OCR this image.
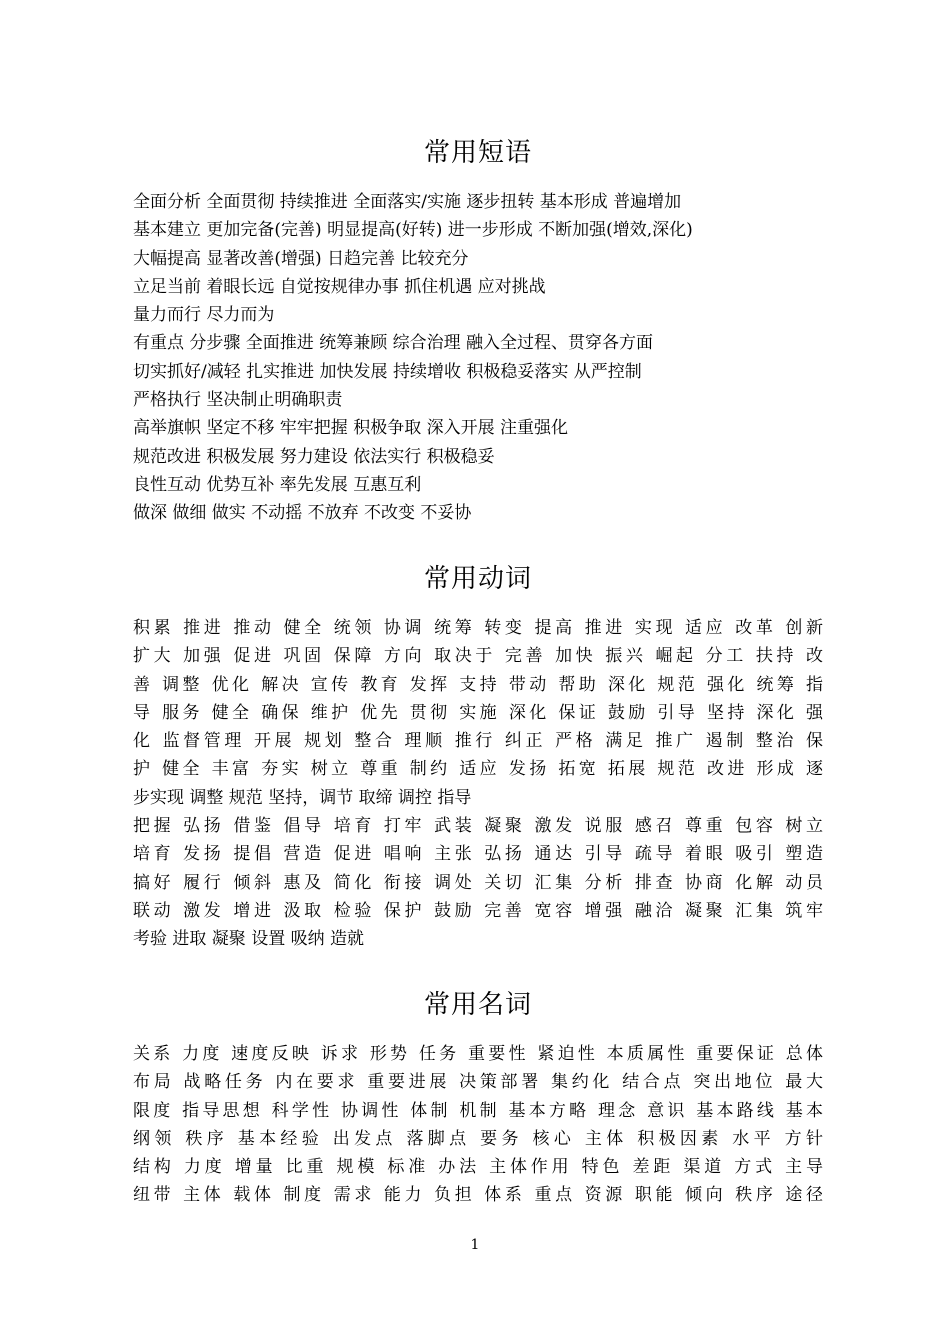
常用短语

全面分析 全面贯彻 持续推进 全面落实/实施 逐步扭转 基本形成 普遍增加

基本建立 更加完备(完善) 明显提高(好转) 进一步形成 不断加强(增效,深化)

大幅提高 显著改善(增强) 日趋完善 比较充分

立足当前 着眼长远 自觉按规律办事 抓住机遇 应对挑战

量力而行 尽力而为

有重点 分步骤 全面推进 统筹兼顾 综合治理 融入全过程、贯穿各方面

切实抓好/减轻 扎实推进 加快发展 持续增收 积极稳妥落实 从严控制

严格执行 坚决制止明确职责

高举旗帜 坚定不移 牢牢把握 积极争取 深入开展 注重强化

规范改进 积极发展 努力建设 依法实行 积极稳妥

良性互动 优势互补 率先发展 互惠互利

做深 做细 做实 不动摇 不放弃 不改变 不妥协

常用动词

积累 推进 推动 健全 统领 协调 统筹 转变 提高 推进 实现 适应 改革 创新

扩大 加强 促进 巩固 保障 方向 取决于 完善 加快 振兴 崛起 分工 扶持 改

善 调整 优化 解决 宣传 教育 发挥 支持 带动 帮助 深化 规范 强化 统筹 指

导 服务 健全 确保 维护 优先 贯彻 实施 深化 保证 鼓励 引导 坚持 深化 强

化 监督管理 开展 规划 整合 理顺 推行 纠正 严格 满足 推广 遏制 整治 保

护 健全 丰富 夯实 树立 尊重 制约 适应 发扬 拓宽 拓展 规范 改进 形成 逐

步实现 调整 规范 坚持，调节 取缔 调控 指导

把握 弘扬 借鉴 倡导 培育 打牢 武装 凝聚 激发 说服 感召 尊重 包容 树立

培育 发扬 提倡 营造 促进 唱响 主张 弘扬 通达 引导 疏导 着眼 吸引 塑造

搞好 履行 倾斜 惠及 简化 衔接 调处 关切 汇集 分析 排查 协商 化解 动员

联动 激发 增进 汲取 检验 保护 鼓励 完善 宽容 增强 融洽 凝聚 汇集 筑牢

考验 进取 凝聚 设置 吸纳 造就

常用名词

关系 力度 速度反映 诉求 形势 任务 重要性 紧迫性 本质属性 重要保证 总体

布局 战略任务 内在要求 重要进展 决策部署 集约化 结合点 突出地位 最大

限度 指导思想 科学性 协调性 体制 机制 基本方略 理念 意识 基本路线 基本

纲领 秩序 基本经验 出发点 落脚点 要务 核心 主体 积极因素 水平 方针

结构 力度 增量 比重 规模 标准 办法 主体作用 特色 差距 渠道 方式 主导

纽带 主体 载体 制度 需求 能力 负担 体系 重点 资源 职能 倾向 秩序 途径

1
